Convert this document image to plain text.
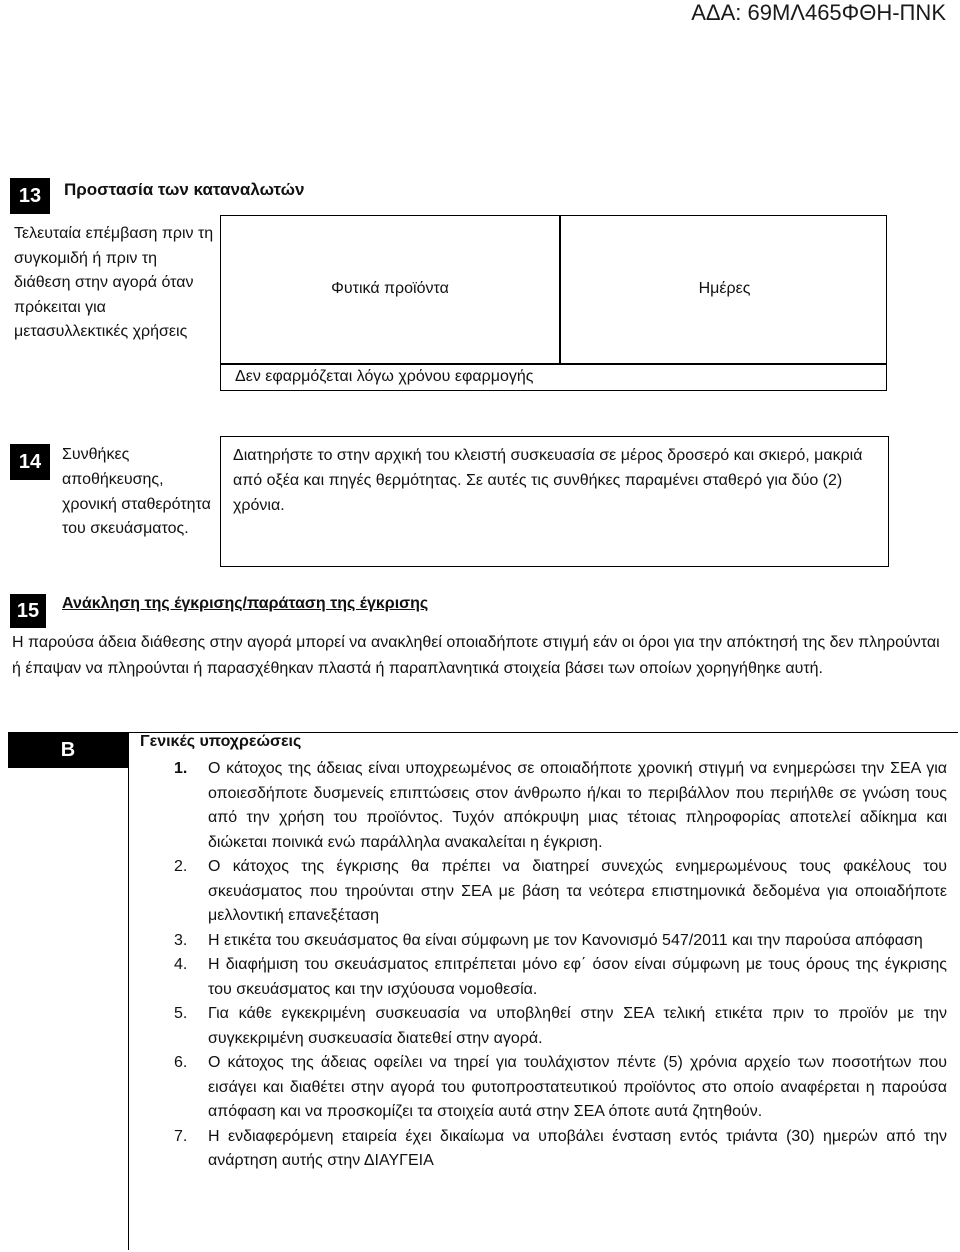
ΑΔΑ: 69ΜΛ465ΦΘΗ-ΠΝΚ
13	Προστασία των καταναλωτών
Τελευταία επέμβαση πριν τη συγκομιδή ή πριν τη διάθεση στην αγορά όταν πρόκειται για μετασυλλεκτικές χρήσεις
Φυτικά προϊόντα	Ημέρες
Δεν εφαρμόζεται λόγω χρόνου εφαρμογής
14	Συνθήκες αποθήκευσης, χρονική σταθερότητα του σκευάσματος.
Διατηρήστε το στην αρχική του κλειστή συσκευασία σε μέρος δροσερό και σκιερό, μακριά από οξέα και πηγές θερμότητας. Σε αυτές τις συνθήκες παραμένει σταθερό για δύο (2) χρόνια.
15	Ανάκληση της έγκρισης/παράταση της έγκρισης
Η παρούσα άδεια διάθεσης στην αγορά μπορεί να ανακληθεί οποιαδήποτε στιγμή εάν οι όροι για την απόκτησή της δεν πληρούνται ή έπαψαν να πληρούνται ή παρασχέθηκαν πλαστά ή παραπλανητικά στοιχεία βάσει των οποίων χορηγήθηκε αυτή.
Β	Γενικές υποχρεώσεις
1. Ο κάτοχος της άδειας είναι υποχρεωμένος σε οποιαδήποτε χρονική στιγμή να ενημερώσει την ΣΕΑ για οποιεσδήποτε δυσμενείς επιπτώσεις στον άνθρωπο ή/και το περιβάλλον που περιήλθε σε γνώση τους από την χρήση του προϊόντος. Τυχόν απόκρυψη μιας τέτοιας πληροφορίας αποτελεί αδίκημα και διώκεται ποινικά ενώ παράλληλα ανακαλείται η έγκριση.
2. Ο κάτοχος της έγκρισης θα πρέπει να διατηρεί συνεχώς ενημερωμένους τους φακέλους του σκευάσματος που τηρούνται στην ΣΕΑ με βάση τα νεότερα επιστημονικά δεδομένα για οποιαδήποτε μελλοντική επανεξέταση
3. Η ετικέτα του σκευάσματος θα είναι σύμφωνη με τον Κανονισμό 547/2011 και την παρούσα απόφαση
4. Η διαφήμιση του σκευάσματος επιτρέπεται μόνο εφ΄ όσον είναι σύμφωνη με τους όρους της έγκρισης του σκευάσματος και την ισχύουσα νομοθεσία.
5. Για κάθε εγκεκριμένη συσκευασία να υποβληθεί στην ΣΕΑ τελική ετικέτα πριν το προϊόν με την συγκεκριμένη συσκευασία διατεθεί στην αγορά.
6. Ο κάτοχος της άδειας οφείλει να τηρεί για τουλάχιστον πέντε (5) χρόνια αρχείο των ποσοτήτων που εισάγει και διαθέτει στην αγορά του φυτοπροστατευτικού προϊόντος στο οποίο αναφέρεται η παρούσα απόφαση και να προσκομίζει τα στοιχεία αυτά στην ΣΕΑ όποτε αυτά ζητηθούν.
7. Η ενδιαφερόμενη εταιρεία έχει δικαίωμα να υποβάλει ένσταση εντός τριάντα (30) ημερών από την ανάρτηση αυτής στην ΔΙΑΥΓΕΙΑ
